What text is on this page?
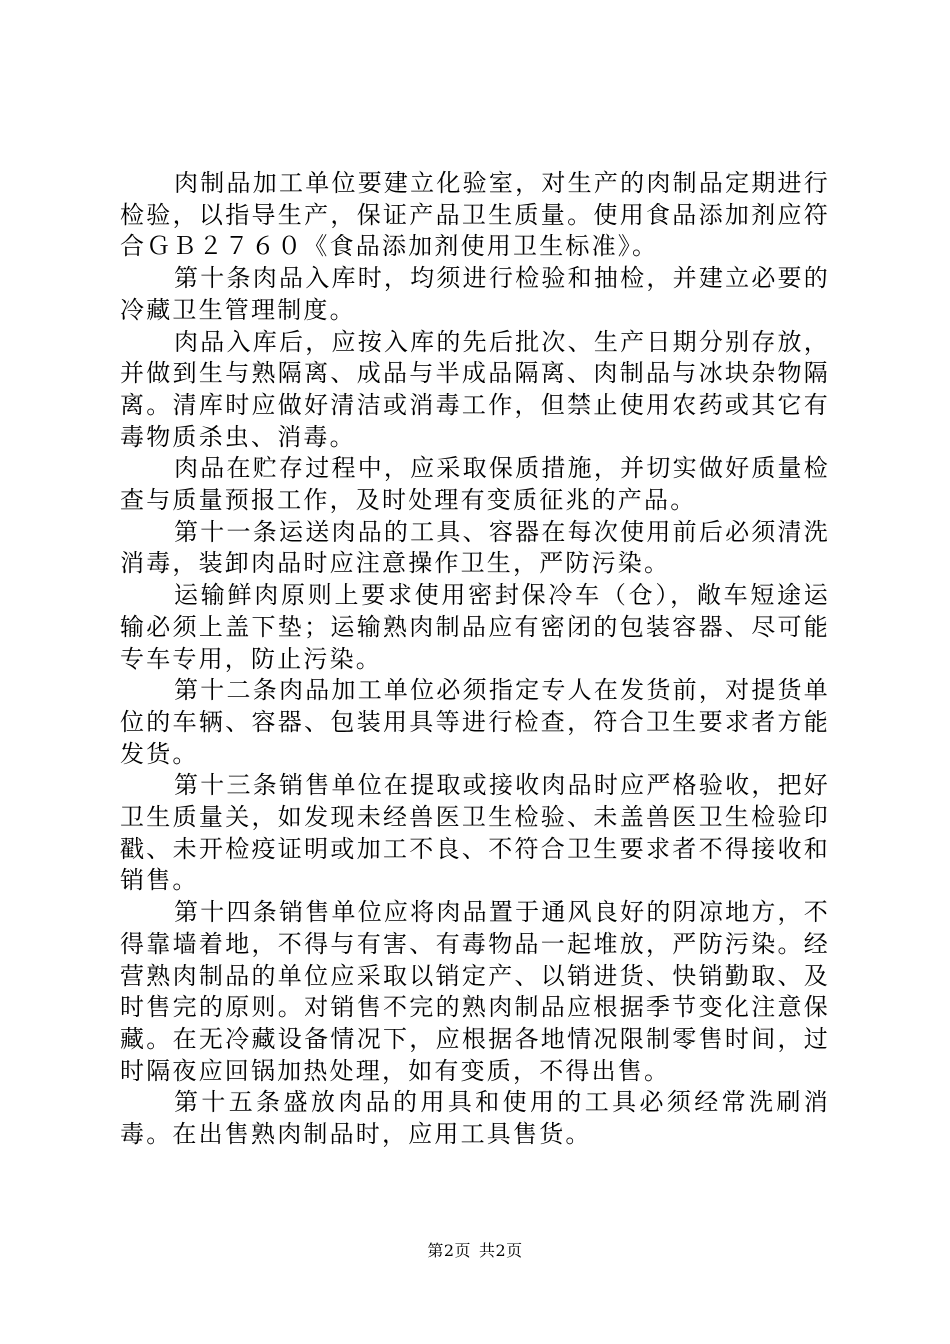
肉制品加工单位要建立化验室，对生产的肉制品定期进行检验，以指导生产，保证产品卫生质量。使用食品添加剂应符合ＧＢ２７６０《食品添加剂使用卫生标准》。

第十条肉品入库时，均须进行检验和抽检，并建立必要的冷藏卫生管理制度。

肉品入库后，应按入库的先后批次、生产日期分别存放，并做到生与熟隔离、成品与半成品隔离、肉制品与冰块杂物隔离。清库时应做好清洁或消毒工作，但禁止使用农药或其它有毒物质杀虫、消毒。

肉品在贮存过程中，应采取保质措施，并切实做好质量检查与质量预报工作，及时处理有变质征兆的产品。

第十一条运送肉品的工具、容器在每次使用前后必须清洗消毒，装卸肉品时应注意操作卫生，严防污染。

运输鲜肉原则上要求使用密封保冷车（仓），敞车短途运输必须上盖下垫；运输熟肉制品应有密闭的包装容器、尽可能专车专用，防止污染。

第十二条肉品加工单位必须指定专人在发货前，对提货单位的车辆、容器、包装用具等进行检查，符合卫生要求者方能发货。

第十三条销售单位在提取或接收肉品时应严格验收，把好卫生质量关，如发现未经兽医卫生检验、未盖兽医卫生检验印戳、未开检疫证明或加工不良、不符合卫生要求者不得接收和销售。

第十四条销售单位应将肉品置于通风良好的阴凉地方，不得靠墙着地，不得与有害、有毒物品一起堆放，严防污染。经营熟肉制品的单位应采取以销定产、以销进货、快销勤取、及时售完的原则。对销售不完的熟肉制品应根据季节变化注意保藏。在无冷藏设备情况下，应根据各地情况限制零售时间，过时隔夜应回锅加热处理，如有变质，不得出售。

第十五条盛放肉品的用具和使用的工具必须经常洗刷消毒。在出售熟肉制品时，应用工具售货。

第2页 共2页
